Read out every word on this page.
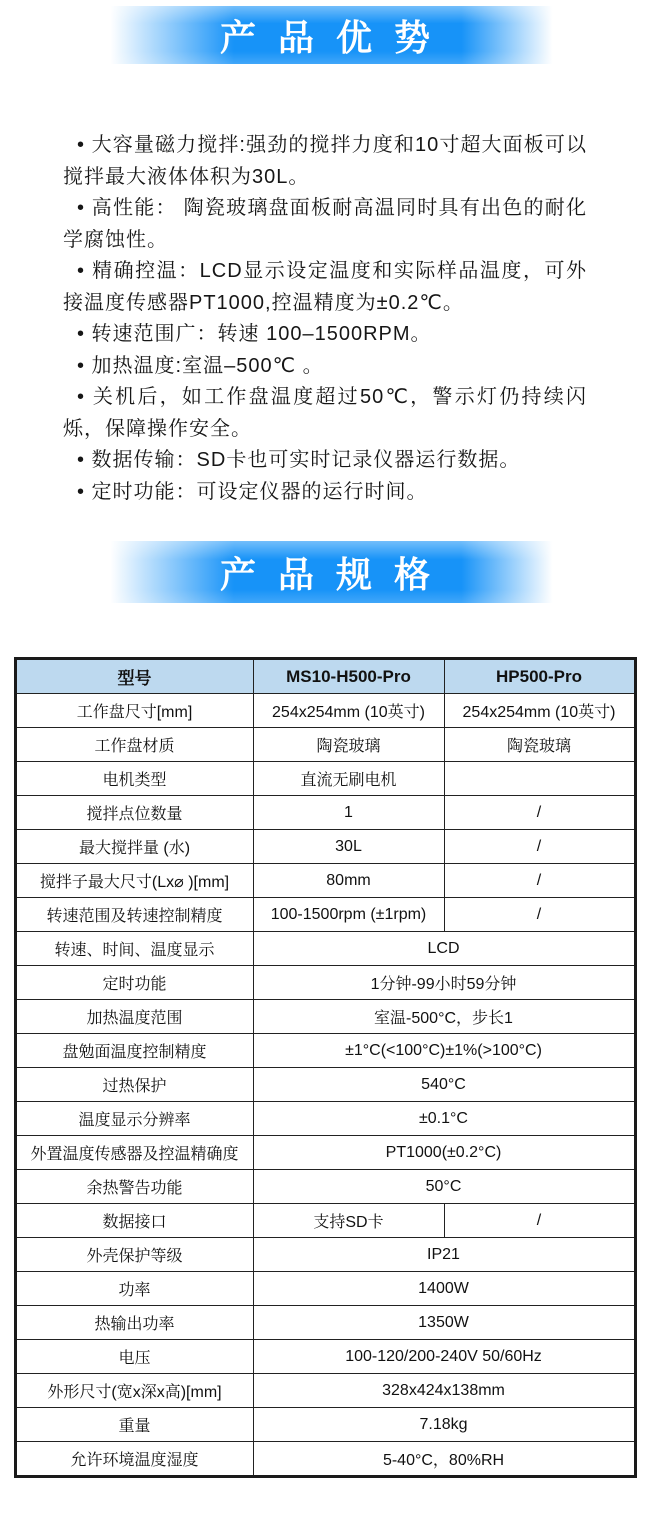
产品优势
• 大容量磁力搅拌:强劲的搅拌力度和10寸超大面板可以搅拌最大液体体积为30L。
• 高性能： 陶瓷玻璃盘面板耐高温同时具有出色的耐化学腐蚀性。
• 精确控温：LCD显示设定温度和实际样品温度，可外接温度传感器PT1000,控温精度为±0.2℃。
• 转速范围广：转速 100–1500RPM。
• 加热温度:室温–500℃ 。
• 关机后，如工作盘温度超过50℃，警示灯仍持续闪烁，保障操作安全。
• 数据传输：SD卡也可实时记录仪器运行数据。
• 定时功能：可设定仪器的运行时间。
产品规格
型号	MS10-H500-Pro	HP500-Pro
工作盘尺寸[mm]	254x254mm (10英寸)	254x254mm (10英寸)
工作盘材质	陶瓷玻璃	陶瓷玻璃
电机类型	直流无刷电机	
搅拌点位数量	1	/
最大搅拌量 (水)	30L	/
搅拌子最大尺寸(Lx⌀ )[mm]	80mm	/
转速范围及转速控制精度	100-1500rpm (±1rpm)	/
转速、时间、温度显示	LCD	
定时功能	1分钟-99小时59分钟	
加热温度范围	室温-500°C，步长1	
盘勉面温度控制精度	±1°C(<100°C)±1%(>100°C)	
过热保护	540°C	
温度显示分辨率	±0.1°C	
外置温度传感器及控温精确度	PT1000(±0.2°C)	
余热警告功能	50°C	
数据接口	支持SD卡	/
外壳保护等级	IP21	
功率	1400W	
热输出功率	1350W	
电压	100-120/200-240V 50/60Hz	
外形尺寸(宽x深x高)[mm]	328x424x138mm	
重量	7.18kg	
允许环境温度湿度	5-40°C，80%RH	
